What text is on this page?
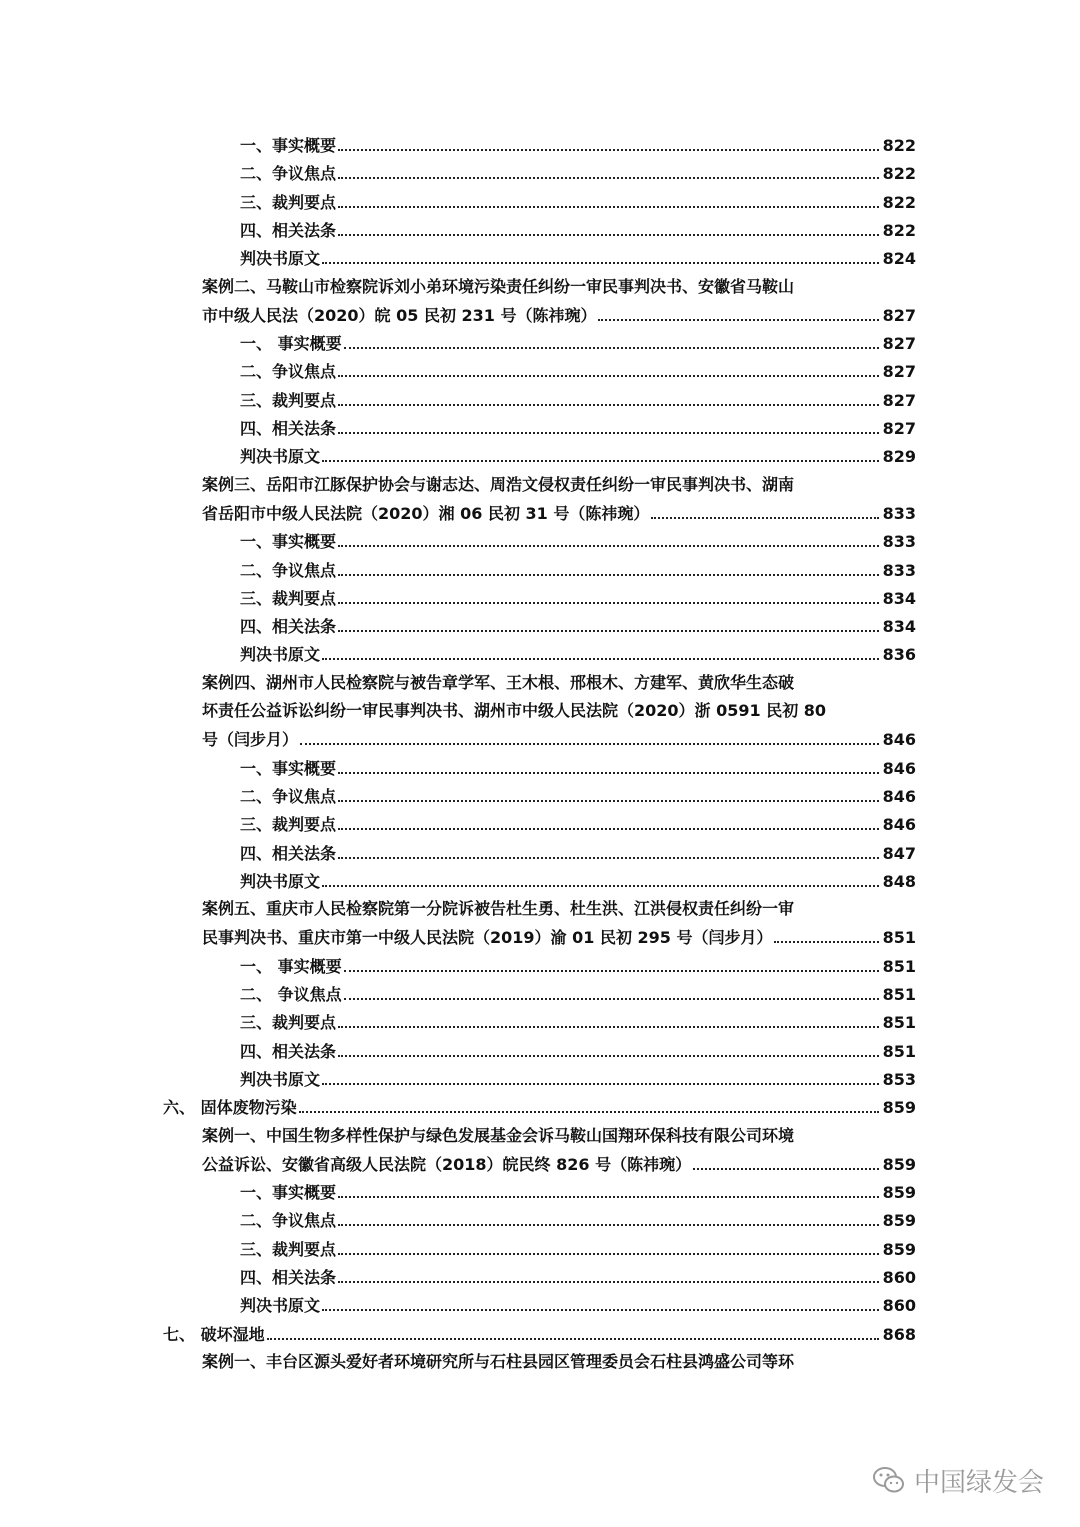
一、事实概要	822
二、争议焦点	822
三、裁判要点	822
四、相关法条	822
判决书原文	824
案例二、马鞍山市检察院诉刘小弟环境污染责任纠纷一审民事判决书、安徽省马鞍山
市中级人民法（2020）皖 05 民初 231 号（陈祎琬）	827
一、 事实概要	827
二、争议焦点	827
三、裁判要点	827
四、相关法条	827
判决书原文	829
案例三、岳阳市江豚保护协会与谢志达、周浩文侵权责任纠纷一审民事判决书、湖南
省岳阳市中级人民法院（2020）湘 06 民初 31 号（陈祎琬）	833
一、事实概要	833
二、争议焦点	833
三、裁判要点	834
四、相关法条	834
判决书原文	836
案例四、湖州市人民检察院与被告章学军、王木根、邢根木、方建军、黄欣华生态破
坏责任公益诉讼纠纷一审民事判决书、湖州市中级人民法院（2020）浙 0591 民初 80
号（闫步月）	846
一、事实概要	846
二、争议焦点	846
三、裁判要点	846
四、相关法条	847
判决书原文	848
案例五、重庆市人民检察院第一分院诉被告杜生勇、杜生洪、江洪侵权责任纠纷一审
民事判决书、重庆市第一中级人民法院（2019）渝 01 民初 295 号（闫步月）	851
一、 事实概要	851
二、 争议焦点	851
三、裁判要点	851
四、相关法条	851
判决书原文	853
六、 固体废物污染	859
案例一、中国生物多样性保护与绿色发展基金会诉马鞍山国翔环保科技有限公司环境
公益诉讼、安徽省高级人民法院（2018）皖民终 826 号（陈祎琬）	859
一、事实概要	859
二、争议焦点	859
三、裁判要点	859
四、相关法条	860
判决书原文	860
七、 破坏湿地	868
案例一、丰台区源头爱好者环境研究所与石柱县园区管理委员会石柱县鸿盛公司等环
中国绿发会
